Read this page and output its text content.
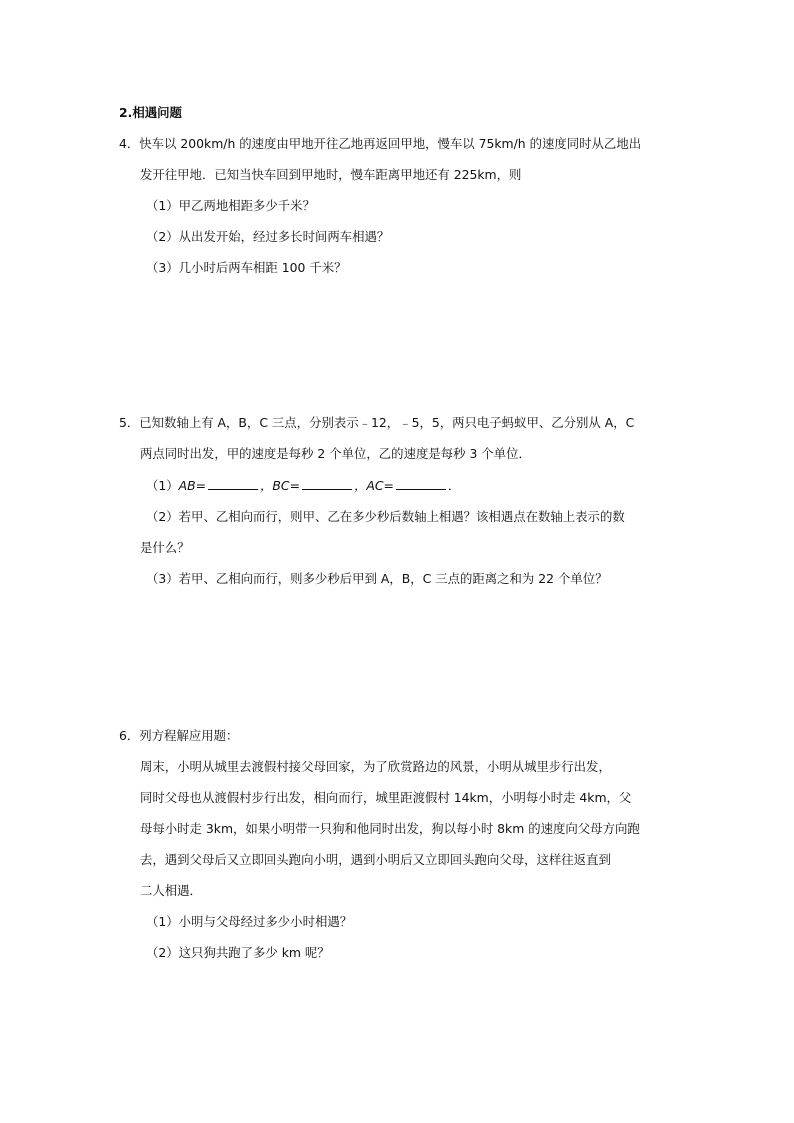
2.相遇问题
4．快车以 200km/h 的速度由甲地开往乙地再返回甲地，慢车以 75km/h 的速度同时从乙地出
发开往甲地．已知当快车回到甲地时，慢车距离甲地还有 225km，则
（1）甲乙两地相距多少千米？
（2）从出发开始，经过多长时间两车相遇？
（3）几小时后两车相距 100 千米？
5．已知数轴上有 A，B，C 三点，分别表示﹣12，﹣5，5，两只电子蚂蚁甲、乙分别从 A，C
两点同时出发，甲的速度是每秒 2 个单位，乙的速度是每秒 3 个单位．
（1）AB=	，BC=	，AC=	．
（2）若甲、乙相向而行，则甲、乙在多少秒后数轴上相遇？该相遇点在数轴上表示的数
是什么？
（3）若甲、乙相向而行，则多少秒后甲到 A，B，C 三点的距离之和为 22 个单位？
6．列方程解应用题：
周末，小明从城里去渡假村接父母回家，为了欣赏路边的风景，小明从城里步行出发，
同时父母也从渡假村步行出发，相向而行，城里距渡假村 14km，小明每小时走 4km，父
母每小时走 3km，如果小明带一只狗和他同时出发，狗以每小时 8km 的速度向父母方向跑
去，遇到父母后又立即回头跑向小明，遇到小明后又立即回头跑向父母，这样往返直到
二人相遇．
（1）小明与父母经过多少小时相遇？
（2）这只狗共跑了多少 km 呢？
